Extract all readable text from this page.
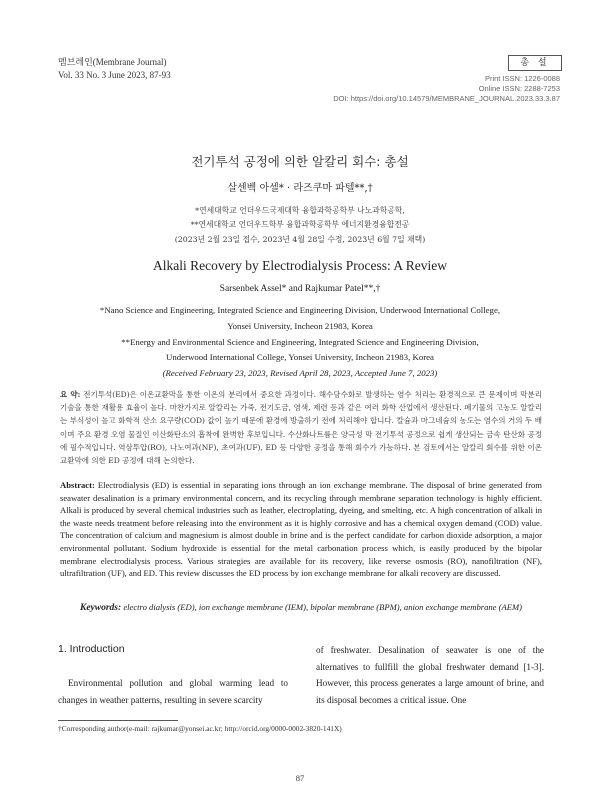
멤브레인(Membrane Journal)
Vol. 33 No. 3 June 2023, 87-93
총 설
Print ISSN: 1226-0088
Online ISSN: 2288-7253
DOI: https://doi.org/10.14579/MEMBRANE_JOURNAL.2023.33.3.87
전기투석 공정에 의한 알칼리 회수: 총설
살센벡 아셀* · 라즈쿠마 파텔**,†
*연세대학교 언더우드국제대학 융합과학공학부 나노과학공학,
**연세대학교 언더우드학부 융합과학공학부 에너지환경융합전공
(2023년 2월 23일 접수, 2023년 4월 28일 수정, 2023년 6월 7일 채택)
Alkali Recovery by Electrodialysis Process: A Review
Sarsenbek Assel* and Rajkumar Patel**,†
*Nano Science and Engineering, Integrated Science and Engineering Division, Underwood International College,
Yonsei University, Incheon 21983, Korea
**Energy and Environmental Science and Engineering, Integrated Science and Engineering Division,
Underwood International College, Yonsei University, Incheon 21983, Korea
(Received February 23, 2023, Revised April 28, 2023, Accepted June 7, 2023)
요 약: 전기투석(ED)은 이온교환막을 통한 이온의 분리에서 중요한 과정이다. 해수담수화로 발생하는 염수 처리는 환경적으로 큰 문제이며 막분리 기술을 통한 재활용 효율이 높다. 마찬가지로 알칼리는 가죽, 전기도금, 염색, 제련 등과 같은 여러 화학 산업에서 생산된다. 폐기물의 고농도 알칼리는 부식성이 높고 화학적 산소 요구량(COD) 값이 높기 때문에 환경에 방출하기 전에 처리해야 합니다. 칼슘과 마그네슘의 농도는 염수의 거의 두 배이며 주요 환경 오염 물질인 이산화탄소의 흡착에 완벽한 후보입니다. 수산화나트륨은 양극성 막 전기투석 공정으로 쉽게 생산되는 금속 탄산화 공정에 필수적입니다. 역삼투압(RO), 나노여과(NF), 초여과(UF), ED 등 다양한 공정을 통해 회수가 가능하다. 본 검토에서는 알칼리 회수를 위한 이온교환막에 의한 ED 공정에 대해 논의한다.
Abstract: Electrodialysis (ED) is essential in separating ions through an ion exchange membrane. The disposal of brine generated from seawater desalination is a primary environmental concern, and its recycling through membrane separation technology is highly efficient. Alkali is produced by several chemical industries such as leather, electroplating, dyeing, and smelting, etc. A high concentration of alkali in the waste needs treatment before releasing into the environment as it is highly corrosive and has a chemical oxygen demand (COD) value. The concentration of calcium and magnesium is almost double in brine and is the perfect candidate for carbon dioxide adsorption, a major environmental pollutant. Sodium hydroxide is essential for the metal carbonation process which, is easily produced by the bipolar membrane electrodialysis process. Various strategies are available for its recovery, like reverse osmosis (RO), nanofiltration (NF), ultrafiltration (UF), and ED. This review discusses the ED process by ion exchange membrane for alkali recovery are discussed.
Keywords: electro dialysis (ED), ion exchange membrane (IEM), bipolar membrane (BPM), anion exchange membrane (AEM)
1. Introduction
Environmental pollution and global warming lead to changes in weather patterns, resulting in severe scarcity
of freshwater. Desalination of seawater is one of the alternatives to fullfill the global freshwater demand [1-3]. However, this process generates a large amount of brine, and its disposal becomes a critical issue. One
†Corresponding author(e-mail: rajkumar@yonsei.ac.kr; http://orcid.org/0000-0002-3820-141X)
87
